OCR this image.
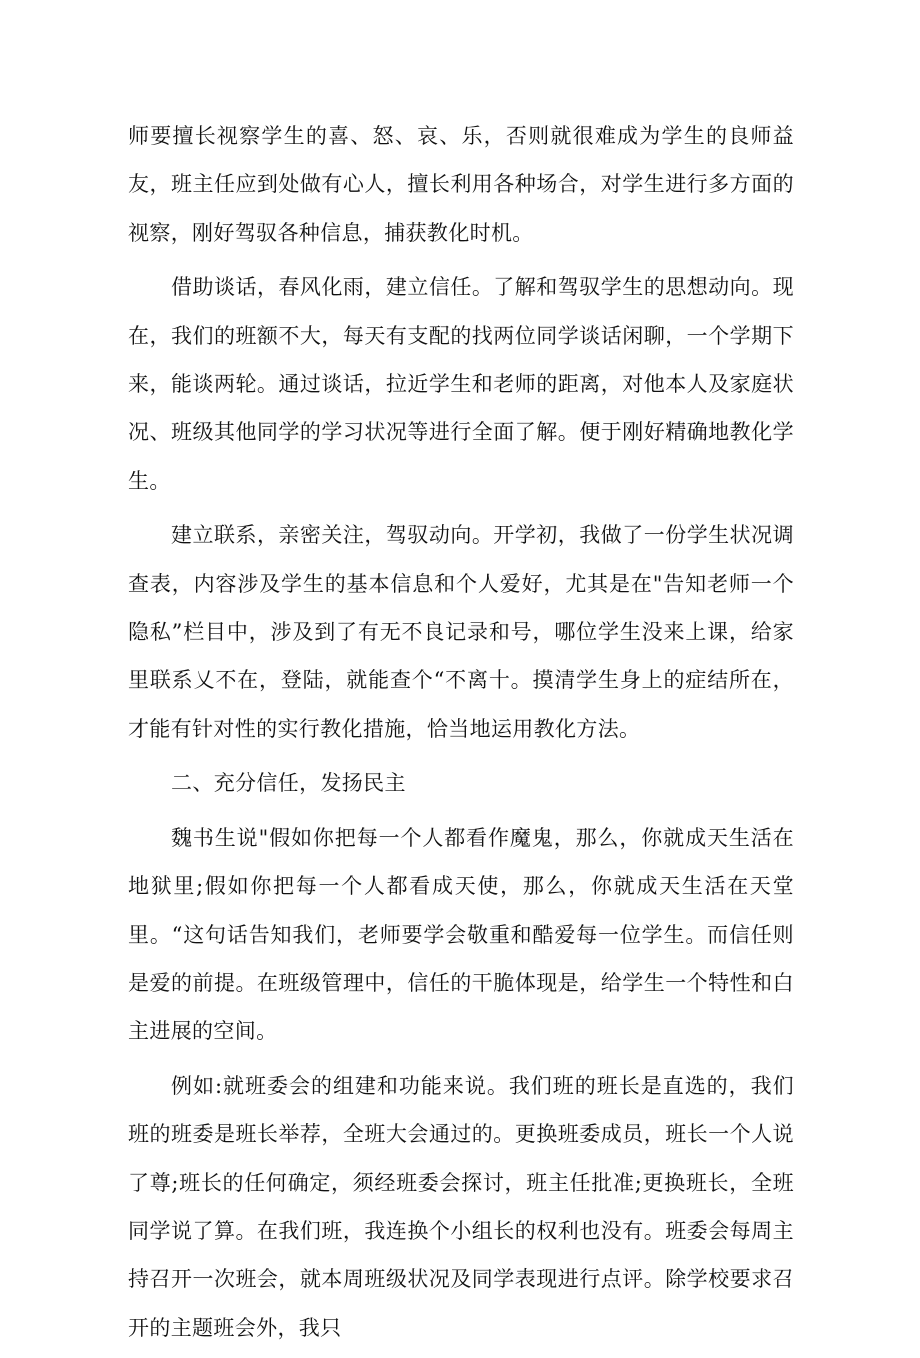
师要擅长视察学生的喜、怒、哀、乐，否则就很难成为学生的良师益友，班主任应到处做有心人，擅长利用各种场合，对学生进行多方面的视察，刚好驾驭各种信息，捕获教化时机。

借助谈话，春风化雨，建立信任。了解和驾驭学生的思想动向。现在，我们的班额不大，每天有支配的找两位同学谈话闲聊，一个学期下来，能谈两轮。通过谈话，拉近学生和老师的距离，对他本人及家庭状况、班级其他同学的学习状况等进行全面了解。便于刚好精确地教化学生。

建立联系，亲密关注，驾驭动向。开学初，我做了一份学生状况调查表，内容涉及学生的基本信息和个人爱好，尤其是在"告知老师一个隐私”栏目中，涉及到了有无不良记录和号，哪位学生没来上课，给家里联系乂不在，登陆，就能查个“不离十。摸清学生身上的症结所在，才能有针对性的实行教化措施，恰当地运用教化方法。

二、充分信任，发扬民主

魏书生说"假如你把每一个人都看作魔鬼，那么，你就成天生活在地狱里;假如你把每一个人都看成天使，那么，你就成天生活在天堂里。“这句话告知我们，老师要学会敬重和酷爱每一位学生。而信任则是爱的前提。在班级管理中，信任的干脆体现是，给学生一个特性和白主进展的空间。

例如:就班委会的组建和功能来说。我们班的班长是直选的，我们班的班委是班长举荐，全班大会通过的。更换班委成员，班长一个人说了尊;班长的任何确定，须经班委会探讨，班主任批准;更换班长，全班同学说了算。在我们班，我连换个小组长的权利也没有。班委会每周主持召开一次班会，就本周班级状况及同学表现进行点评。除学校要求召开的主题班会外，我只
